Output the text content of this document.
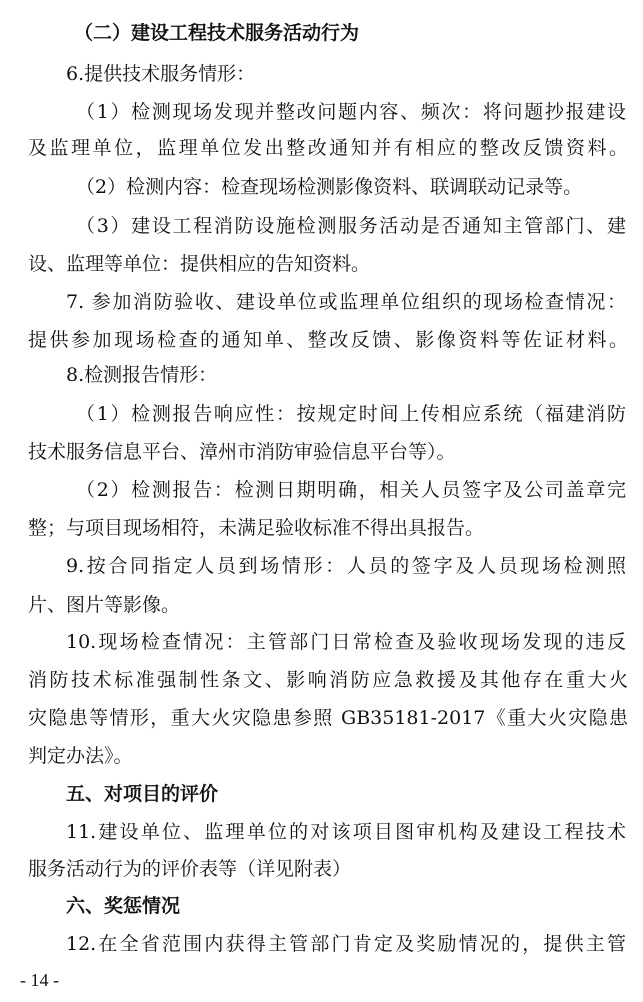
（二）建设工程技术服务活动行为
6.提供技术服务情形：
（1）检测现场发现并整改问题内容、频次：将问题抄报建设
及监理单位，监理单位发出整改通知并有相应的整改反馈资料。
（2）检测内容：检查现场检测影像资料、联调联动记录等。
（3）建设工程消防设施检测服务活动是否通知主管部门、建
设、监理等单位：提供相应的告知资料。
7. 参加消防验收、建设单位或监理单位组织的现场检查情况：
提供参加现场检查的通知单、整改反馈、影像资料等佐证材料。
8.检测报告情形：
（1）检测报告响应性：按规定时间上传相应系统（福建消防
技术服务信息平台、漳州市消防审验信息平台等）。
（2）检测报告：检测日期明确，相关人员签字及公司盖章完
整；与项目现场相符，未满足验收标准不得出具报告。
9.按合同指定人员到场情形：人员的签字及人员现场检测照
片、图片等影像。
10.现场检查情况：主管部门日常检查及验收现场发现的违反
消防技术标准强制性条文、影响消防应急救援及其他存在重大火
灾隐患等情形，重大火灾隐患参照 GB35181-2017《重大火灾隐患
判定办法》。
五、对项目的评价
11.建设单位、监理单位的对该项目图审机构及建设工程技术
服务活动行为的评价表等（详见附表）
六、奖惩情况
12.在全省范围内获得主管部门肯定及奖励情况的，提供主管
- 14 -
